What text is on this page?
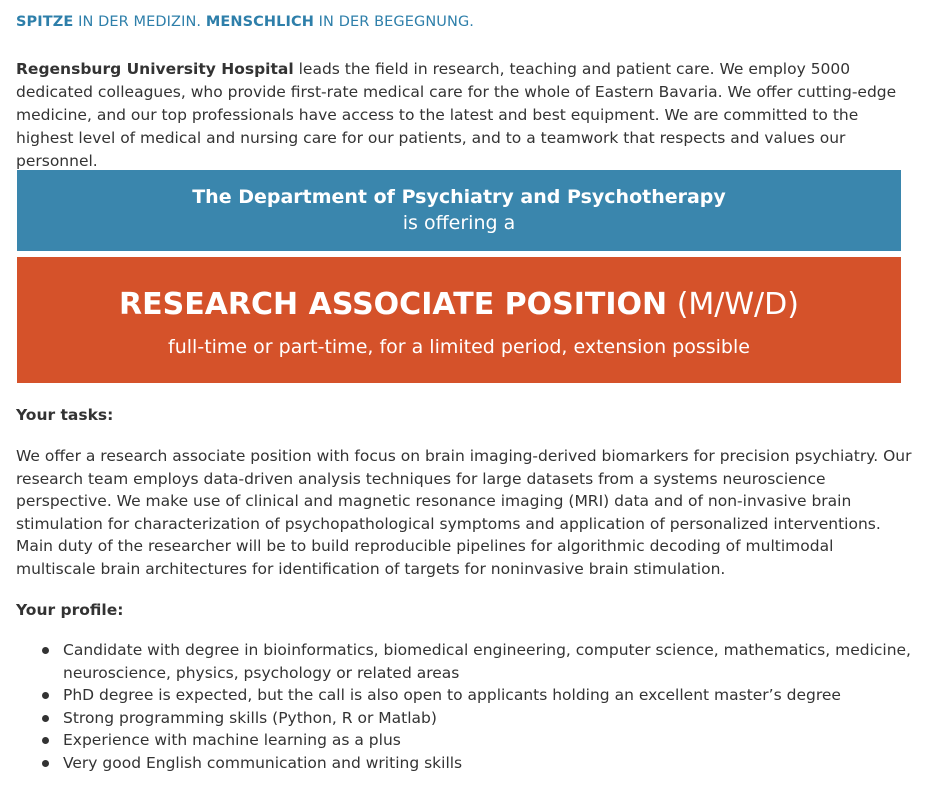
SPITZE IN DER MEDIZIN. MENSCHLICH IN DER BEGEGNUNG.
Regensburg University Hospital leads the field in research, teaching and patient care. We employ 5000 dedicated colleagues, who provide first-rate medical care for the whole of Eastern Bavaria. We offer cutting-edge medicine, and our top professionals have access to the latest and best equipment. We are committed to the highest level of medical and nursing care for our patients, and to a teamwork that respects and values our personnel.
The Department of Psychiatry and Psychotherapy
is offering a
RESEARCH ASSOCIATE POSITION (M/W/D)
full-time or part-time, for a limited period, extension possible
Your tasks:
We offer a research associate position with focus on brain imaging-derived biomarkers for precision psychiatry. Our research team employs data-driven analysis techniques for large datasets from a systems neuroscience perspective. We make use of clinical and magnetic resonance imaging (MRI) data and of non-invasive brain stimulation for characterization of psychopathological symptoms and application of personalized interventions. Main duty of the researcher will be to build reproducible pipelines for algorithmic decoding of multimodal multiscale brain architectures for identification of targets for noninvasive brain stimulation.
Your profile:
Candidate with degree in bioinformatics, biomedical engineering, computer science, mathematics, medicine, neuroscience, physics, psychology or related areas
PhD degree is expected, but the call is also open to applicants holding an excellent master’s degree
Strong programming skills (Python, R or Matlab)
Experience with machine learning as a plus
Very good English communication and writing skills
